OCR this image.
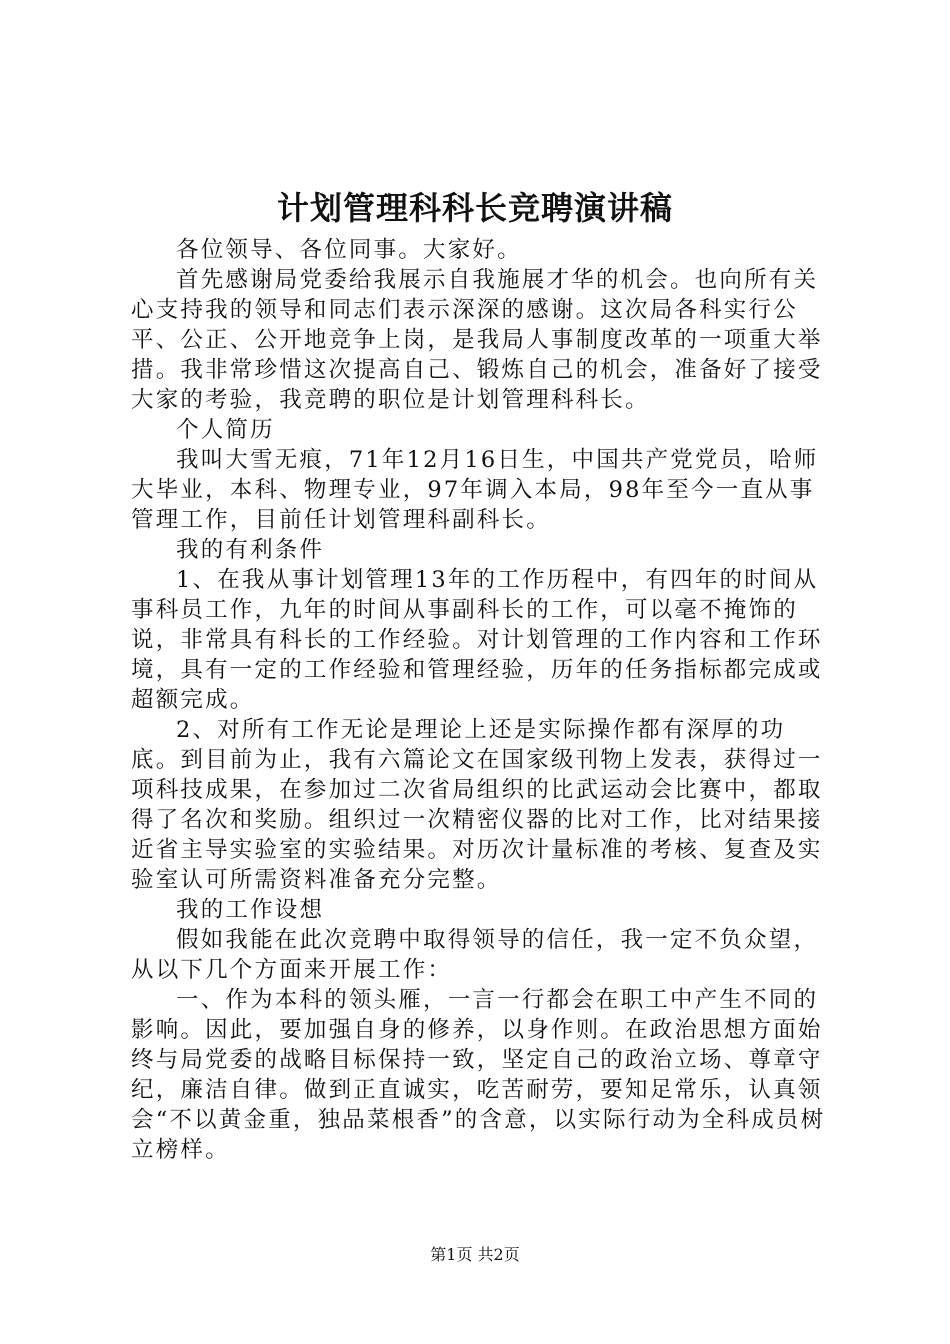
计划管理科科长竞聘演讲稿

各位领导、各位同事。大家好。

首先感谢局党委给我展示自我施展才华的机会。也向所有关心支持我的领导和同志们表示深深的感谢。这次局各科实行公平、公正、公开地竞争上岗，是我局人事制度改革的一项重大举措。我非常珍惜这次提高自己、锻炼自己的机会，准备好了接受大家的考验，我竞聘的职位是计划管理科科长。

个人简历

我叫大雪无痕，71年12月16日生，中国共产党党员，哈师大毕业，本科、物理专业，97年调入本局，98年至今一直从事管理工作，目前任计划管理科副科长。

我的有利条件

1、在我从事计划管理13年的工作历程中，有四年的时间从事科员工作，九年的时间从事副科长的工作，可以毫不掩饰的说，非常具有科长的工作经验。对计划管理的工作内容和工作环境，具有一定的工作经验和管理经验，历年的任务指标都完成或超额完成。

2、对所有工作无论是理论上还是实际操作都有深厚的功底。到目前为止，我有六篇论文在国家级刊物上发表，获得过一项科技成果，在参加过二次省局组织的比武运动会比赛中，都取得了名次和奖励。组织过一次精密仪器的比对工作，比对结果接近省主导实验室的实验结果。对历次计量标准的考核、复查及实验室认可所需资料准备充分完整。

我的工作设想

假如我能在此次竞聘中取得领导的信任，我一定不负众望，从以下几个方面来开展工作：

一、作为本科的领头雁，一言一行都会在职工中产生不同的影响。因此，要加强自身的修养，以身作则。在政治思想方面始终与局党委的战略目标保持一致，坚定自己的政治立场、尊章守纪，廉洁自律。做到正直诚实，吃苦耐劳，要知足常乐，认真领会“不以黄金重，独品菜根香”的含意，以实际行动为全科成员树立榜样。

第1页 共2页
